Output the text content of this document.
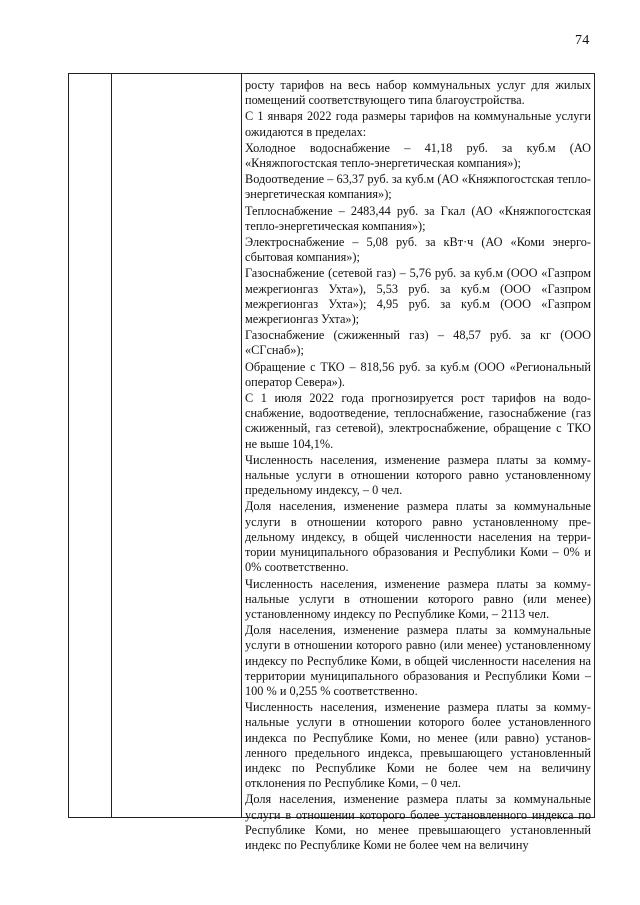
74

росту тарифов на весь набор коммунальных услуг для жилых помещений соответствующего типа благоустройства.

С 1 января 2022 года размеры тарифов на коммунальные услуги ожидаются в пределах:

Холодное водоснабжение – 41,18 руб. за куб.м (АО «Княжпогостская тепло-энергетическая компания»);

Водоотведение – 63,37 руб. за куб.м (АО «Княжпогостская тепло-энергетическая компания»);

Теплоснабжение – 2483,44 руб. за Гкал (АО «Княжпогостская тепло-энергетическая компания»);

Электроснабжение – 5,08 руб. за кВт·ч (АО «Коми энергосбытовая компания»);

Газоснабжение (сетевой газ) – 5,76 руб. за куб.м (ООО «Газпром межрегионгаз Ухта»), 5,53 руб. за куб.м (ООО «Газпром межрегионгаз Ухта»); 4,95 руб. за куб.м (ООО «Газпром межрегионгаз Ухта»);

Газоснабжение (сжиженный газ) – 48,57 руб. за кг (ООО «СГснаб»);

Обращение с ТКО – 818,56 руб. за куб.м (ООО «Региональный оператор Севера»).

С 1 июля 2022 года прогнозируется рост тарифов на водоснабжение, водоотведение, теплоснабжение, газоснабжение (газ сжиженный, газ сетевой), электроснабжение, обращение с ТКО не выше 104,1%.

Численность населения, изменение размера платы за коммунальные услуги в отношении которого равно установленному предельному индексу, – 0 чел.

Доля населения, изменение размера платы за коммунальные услуги в отношении которого равно установленному предельному индексу, в общей численности населения на территории муниципального образования и Республики Коми – 0% и 0% соответственно.

Численность населения, изменение размера платы за коммунальные услуги в отношении которого равно (или менее) установленному индексу по Республике Коми, – 2113 чел.

Доля населения, изменение размера платы за коммунальные услуги в отношении которого равно (или менее) установленному индексу по Республике Коми, в общей численности населения на территории муниципального образования и Республики Коми – 100 % и 0,255 % соответственно.

Численность населения, изменение размера платы за коммунальные услуги в отношении которого более установленного индекса по Республике Коми, но менее (или равно) установленного предельного индекса, превышающего установленный индекс по Республике Коми не более чем на величину отклонения по Республике Коми, – 0 чел.

Доля населения, изменение размера платы за коммунальные услуги в отношении которого более установленного индекса по Республике Коми, но менее превышающего установленный индекс по Республике Коми не более чем на величину
